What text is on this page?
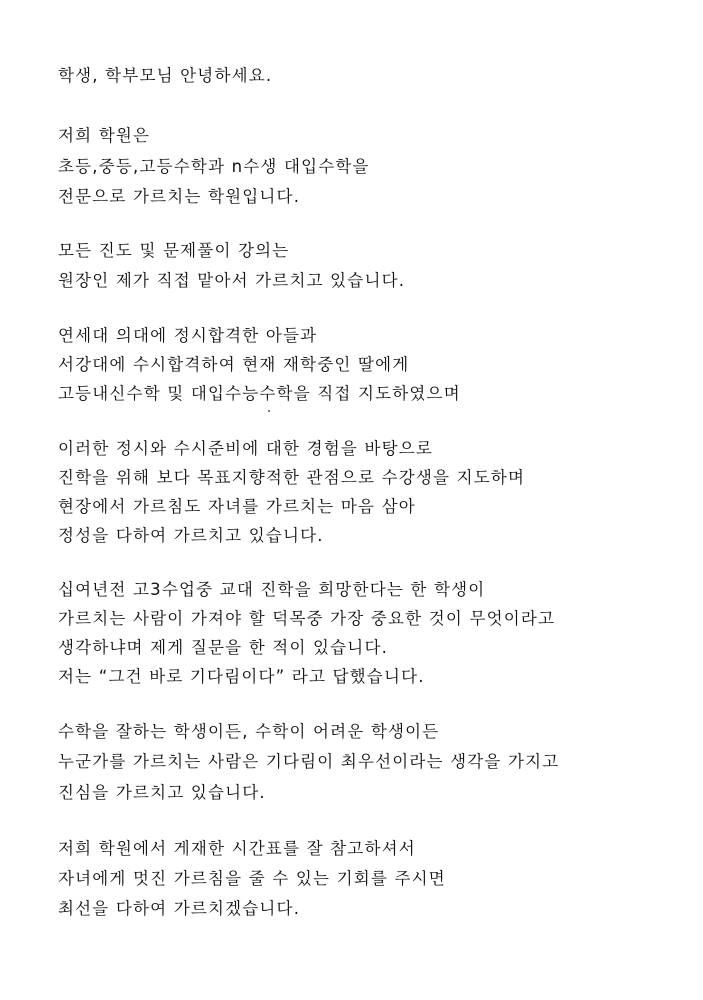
학생, 학부모님 안녕하세요.
저희 학원은
초등,중등,고등수학과 n수생 대입수학을
전문으로 가르치는 학원입니다.
모든 진도 및 문제풀이 강의는
원장인 제가 직접 맡아서 가르치고 있습니다.
연세대 의대에 정시합격한 아들과
서강대에 수시합격하여 현재 재학중인 딸에게
고등내신수학 및 대입수능수학을 직접 지도하였으며
이러한 정시와 수시준비에 대한 경험을 바탕으로
진학을 위해 보다 목표지향적한 관점으로 수강생을 지도하며
현장에서 가르침도 자녀를 가르치는 마음 삼아
정성을 다하여 가르치고 있습니다.
십여년전 고3수업중 교대 진학을 희망한다는 한 학생이
가르치는 사람이 가져야 할 덕목중 가장 중요한 것이 무엇이라고
생각하냐며 제게 질문을 한 적이 있습니다.
저는 “그건 바로 기다림이다” 라고 답했습니다.
수학을 잘하는 학생이든, 수학이 어려운 학생이든
누군가를 가르치는 사람은 기다림이 최우선이라는 생각을 가지고
진심을 가르치고 있습니다.
저희 학원에서 게재한 시간표를 잘 참고하셔서
자녀에게 멋진 가르침을 줄 수 있는 기회를 주시면
최선을 다하여 가르치겠습니다.
